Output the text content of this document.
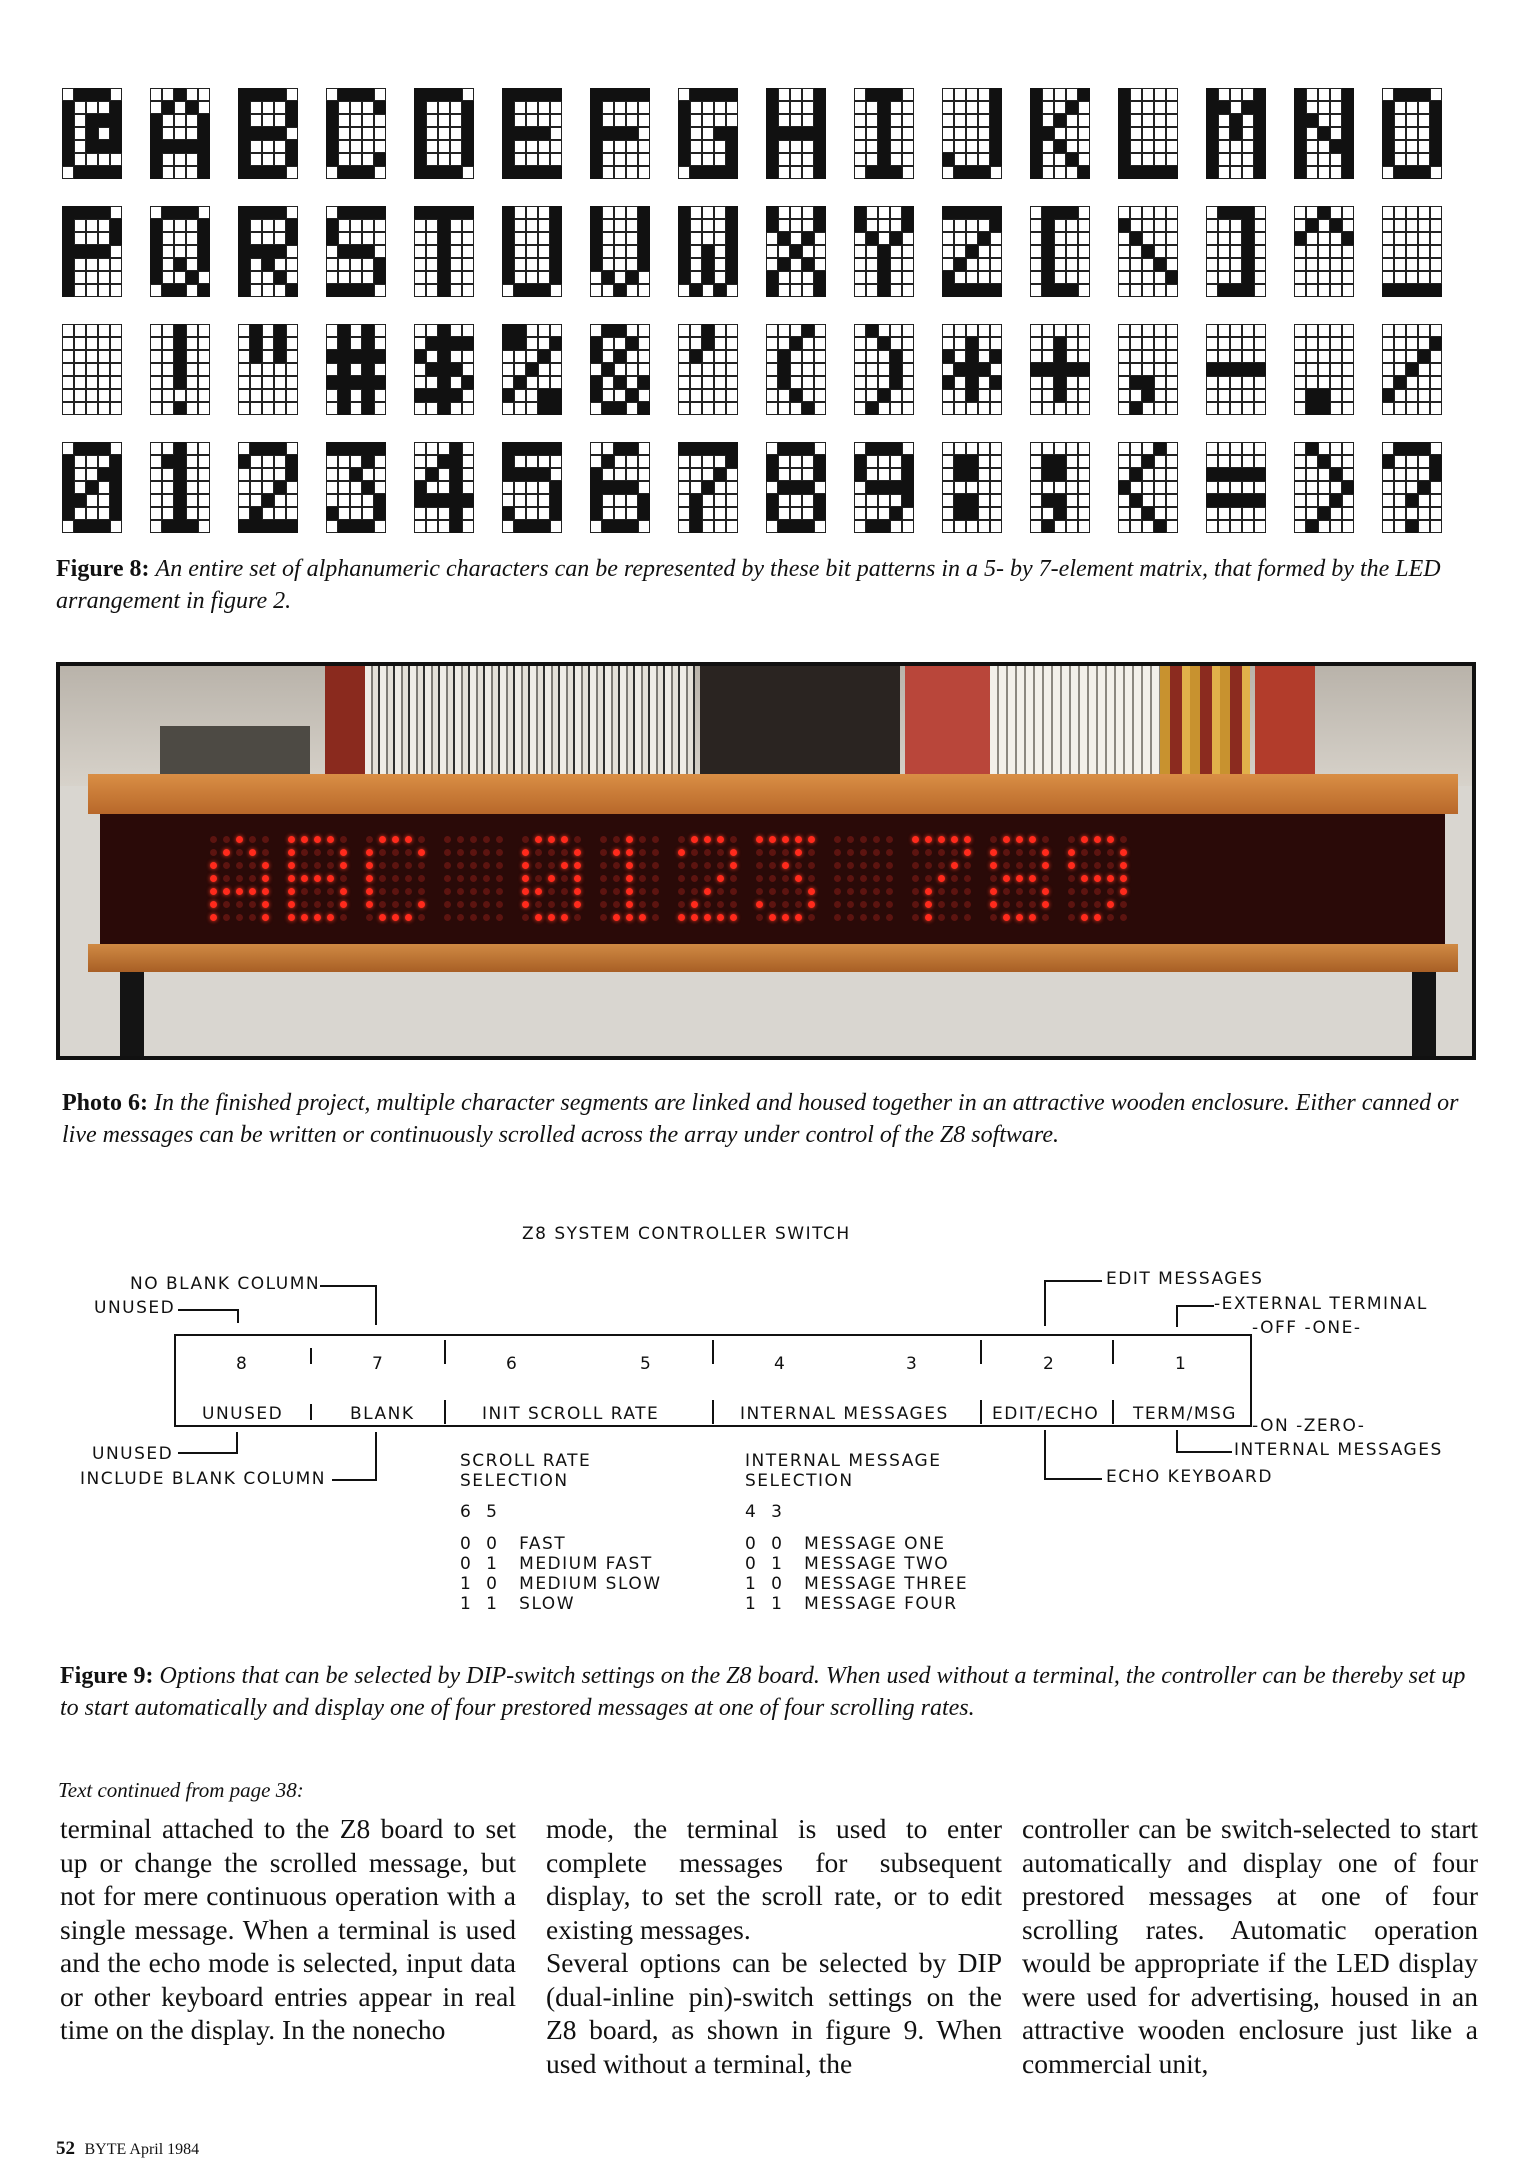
Figure 8: An entire set of alphanumeric characters can be represented by these bit patterns in a 5- by 7-element matrix, that formed by the LED arrangement in figure 2.
Photo 6: In the finished project, multiple character segments are linked and housed together in an attractive wooden enclosure. Either canned or live messages can be written or continuously scrolled across the array under control of the Z8 software.
Z8 SYSTEM CONTROLLER SWITCH
NO BLANK COLUMN
UNUSED
8	7	6	5	4	3	2	1
UNUSED	BLANK	INIT SCROLL RATE	INTERNAL MESSAGES	EDIT/ECHO TERM/MSG
UNUSED
INCLUDE BLANK COLUMN
EDIT MESSAGES
-EXTERNAL TERMINAL
-OFF -ONE-
-ON -ZERO-
INTERNAL MESSAGES
ECHO KEYBOARD
SCROLL RATE
SELECTION
6  5
0  0   FAST
0  1   MEDIUM FAST
1  0   MEDIUM SLOW
1  1   SLOW
INTERNAL MESSAGE
SELECTION
4  3
0  0   MESSAGE ONE
0  1   MESSAGE TWO
1  0   MESSAGE THREE
1  1   MESSAGE FOUR
Figure 9: Options that can be selected by DIP-switch settings on the Z8 board. When used without a terminal, the controller can be thereby set up to start automatically and display one of four prestored messages at one of four scrolling rates.
Text continued from page 38:
terminal attached to the Z8 board to set up or change the scrolled message, but not for mere continuous operation with a single message. When a terminal is used and the echo mode is selected, input data or other keyboard entries appear in real time on the display. In the nonecho
mode, the terminal is used to enter complete messages for subsequent display, to set the scroll rate, or to edit existing messages.
Several options can be selected by DIP (dual-inline pin)-switch settings on the Z8 board, as shown in figure 9. When used without a terminal, the
controller can be switch-selected to start automatically and display one of four prestored messages at one of four scrolling rates. Automatic operation would be appropriate if the LED display were used for advertising, housed in an attractive wooden enclosure just like a commercial unit,
52 BYTE April 1984
